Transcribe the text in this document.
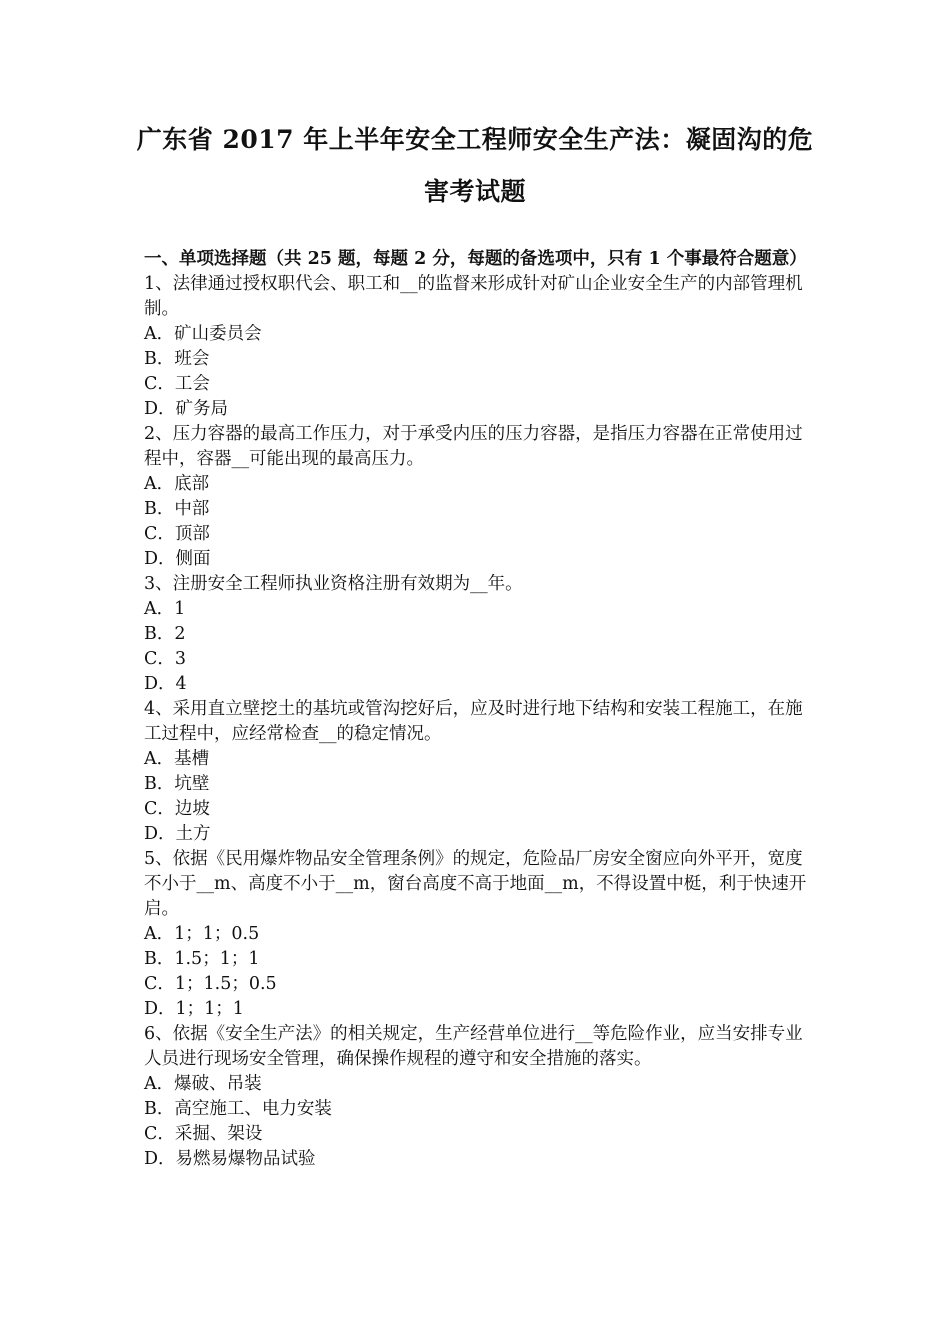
广东省 2017 年上半年安全工程师安全生产法：凝固沟的危
害考试题

一、单项选择题（共 25 题，每题 2 分，每题的备选项中，只有 1 个事最符合题意）

1、法律通过授权职代会、职工和__的监督来形成针对矿山企业安全生产的内部管理机制。

A．矿山委员会

B．班会

C．工会

D．矿务局

2、压力容器的最高工作压力，对于承受内压的压力容器，是指压力容器在正常使用过程中，容器__可能出现的最高压力。

A．底部

B．中部

C．顶部

D．侧面

3、注册安全工程师执业资格注册有效期为__年。

A．1

B．2

C．3

D．4

4、采用直立壁挖土的基坑或管沟挖好后，应及时进行地下结构和安装工程施工，在施工过程中，应经常检查__的稳定情况。

A．基槽

B．坑壁

C．边坡

D．土方

5、依据《民用爆炸物品安全管理条例》的规定，危险品厂房安全窗应向外平开，宽度不小于__m、高度不小于__m，窗台高度不高于地面__m，不得设置中梃，利于快速开启。

A．1；1；0.5

B．1.5；1；1

C．1；1.5；0.5

D．1；1；1

6、依据《安全生产法》的相关规定，生产经营单位进行__等危险作业，应当安排专业人员进行现场安全管理，确保操作规程的遵守和安全措施的落实。

A．爆破、吊装

B．高空施工、电力安装

C．采掘、架设

D．易燃易爆物品试验
